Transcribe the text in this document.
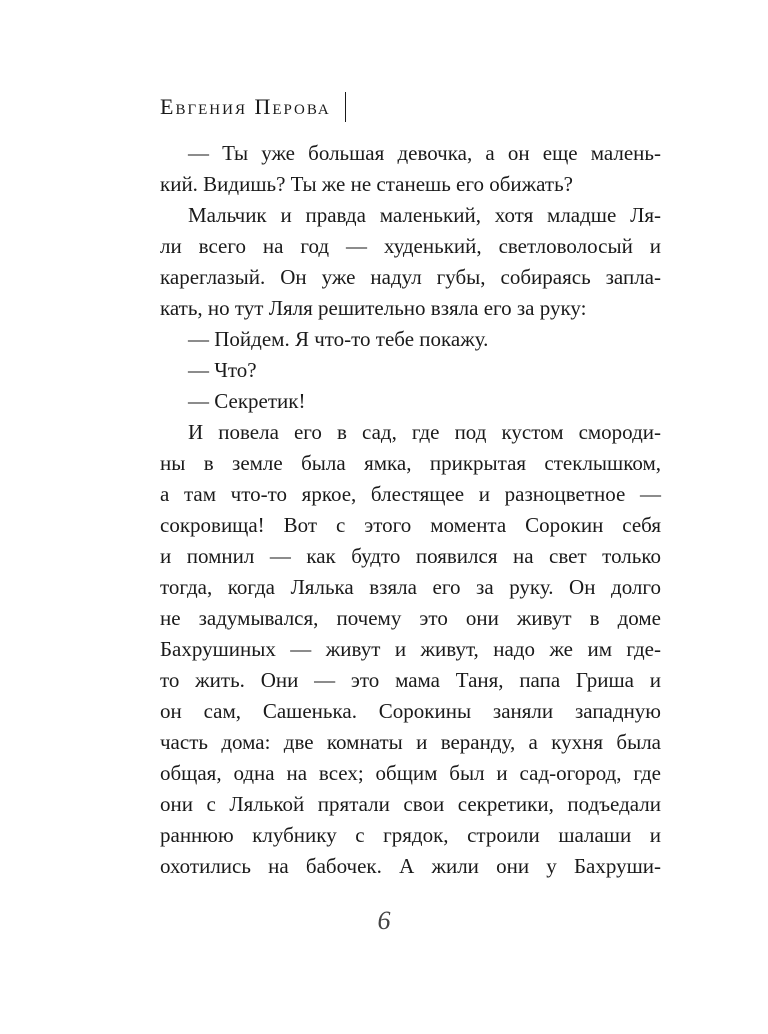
Евгения Перова
— Ты уже большая девочка, а он еще малень-
кий. Видишь? Ты же не станешь его обижать?
Мальчик и правда маленький, хотя младше Ля-
ли всего на год — худенький, светловолосый и
кареглазый. Он уже надул губы, собираясь запла-
кать, но тут Ляля решительно взяла его за руку:
— Пойдем. Я что-то тебе покажу.
— Что?
— Секретик!
И повела его в сад, где под кустом смороди-
ны в земле была ямка, прикрытая стеклышком,
а там что-то яркое, блестящее и разноцветное —
сокровища! Вот с этого момента Сорокин себя
и помнил — как будто появился на свет только
тогда, когда Лялька взяла его за руку. Он долго
не задумывался, почему это они живут в доме
Бахрушиных — живут и живут, надо же им где-
то жить. Они — это мама Таня, папа Гриша и
он сам, Сашенька. Сорокины заняли западную
часть дома: две комнаты и веранду, а кухня была
общая, одна на всех; общим был и сад-огород, где
они с Лялькой прятали свои секретики, подъедали
раннюю клубнику с грядок, строили шалаши и
охотились на бабочек. А жили они у Бахруши-
6
